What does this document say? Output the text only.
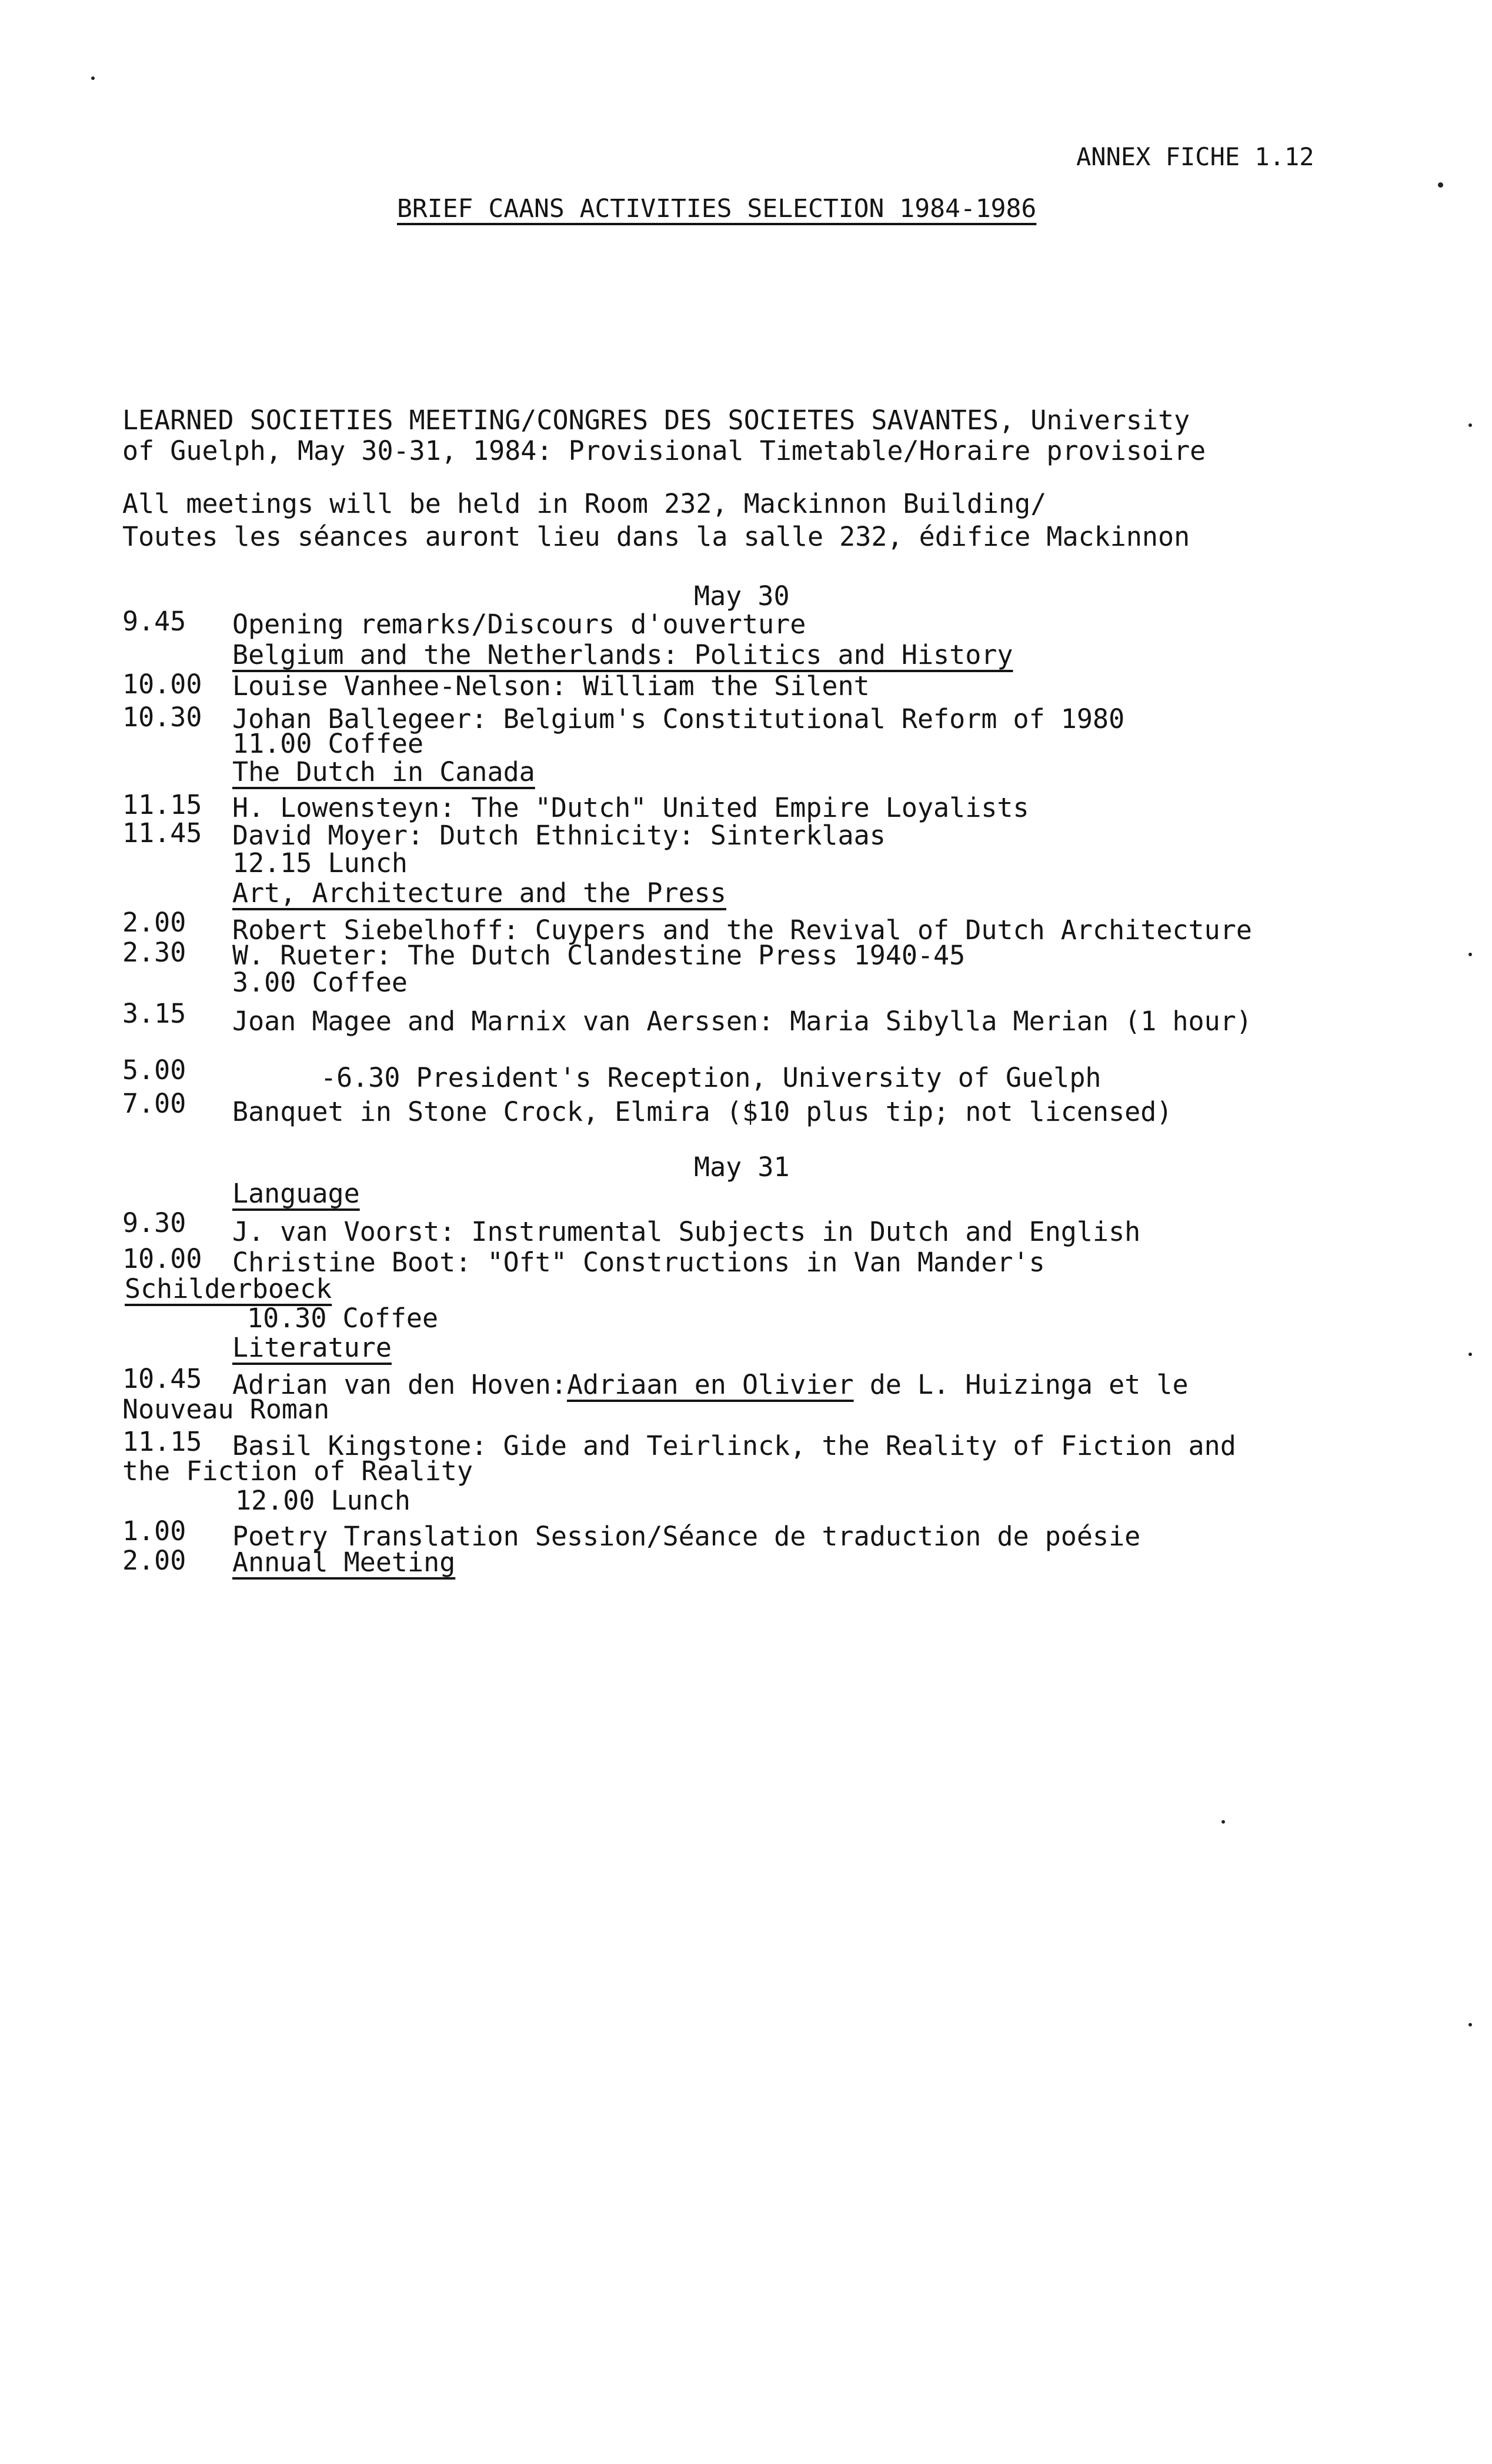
ANNEX FICHE 1.12
BRIEF CAANS ACTIVITIES SELECTION 1984-1986
LEARNED SOCIETIES MEETING/CONGRES DES SOCIETES SAVANTES, University
of Guelph, May 30-31, 1984: Provisional Timetable/Horaire provisoire
All meetings will be held in Room 232, Mackinnon Building/
Toutes les séances auront lieu dans la salle 232, édifice Mackinnon
May 30
9.45 Opening remarks/Discours d'ouverture
Belgium and the Netherlands: Politics and History
10.00 Louise Vanhee-Nelson: William the Silent
10.30 Johan Ballegeer: Belgium's Constitutional Reform of 1980
11.00 Coffee
The Dutch in Canada
11.15 H. Lowensteyn: The "Dutch" United Empire Loyalists
11.45 David Moyer: Dutch Ethnicity: Sinterklaas
12.15 Lunch
Art, Architecture and the Press
2.00 Robert Siebelhoff: Cuypers and the Revival of Dutch Architecture
2.30 W. Rueter: The Dutch Clandestine Press 1940-45
3.00 Coffee
3.15 Joan Magee and Marnix van Aerssen: Maria Sibylla Merian (1 hour)
5.00	-6.30 President's Reception, University of Guelph
7.00 Banquet in Stone Crock, Elmira ($10 plus tip; not licensed)
May 31
Language
9.30 J. van Voorst: Instrumental Subjects in Dutch and English
10.00 Christine Boot: "Oft" Constructions in Van Mander's
Schilderboeck
10.30 Coffee
Literature
10.45 Adrian van den Hoven:Adriaan en Olivier de L. Huizinga et le
Nouveau Roman
11.15 Basil Kingstone: Gide and Teirlinck, the Reality of Fiction and
the Fiction of Reality
12.00 Lunch
1.00 Poetry Translation Session/Séance de traduction de poésie
2.00 Annual Meeting
